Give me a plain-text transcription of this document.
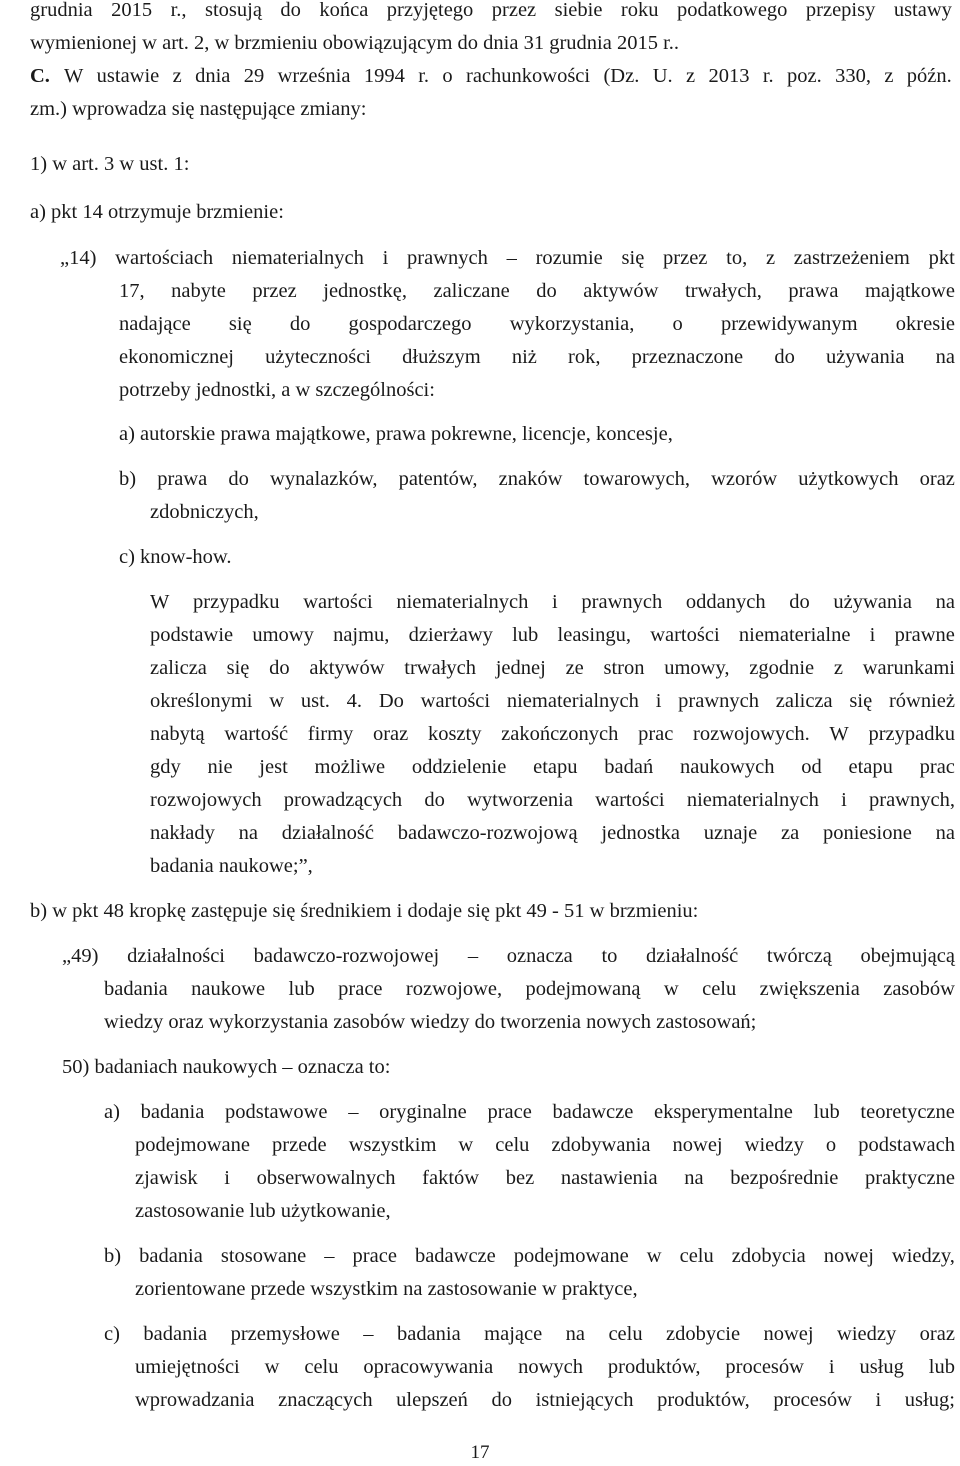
grudnia 2015 r., stosują do końca przyjętego przez siebie roku podatkowego przepisy ustawy
wymienionej w art. 2, w brzmieniu obowiązującym do dnia 31 grudnia 2015 r..
C. W ustawie z dnia 29 września 1994 r. o rachunkowości (Dz. U. z 2013 r. poz. 330, z późn.
zm.) wprowadza się następujące zmiany:
1) w art. 3 w ust. 1:
a) pkt 14 otrzymuje brzmienie:
„14) wartościach niematerialnych i prawnych – rozumie się przez to, z zastrzeżeniem pkt
17, nabyte przez jednostkę, zaliczane do aktywów trwałych, prawa majątkowe
nadające się do gospodarczego wykorzystania, o przewidywanym okresie
ekonomicznej użyteczności dłuższym niż rok, przeznaczone do używania na
potrzeby jednostki, a w szczególności:
a) autorskie prawa majątkowe, prawa pokrewne, licencje, koncesje,
b) prawa do wynalazków, patentów, znaków towarowych, wzorów użytkowych oraz
zdobniczych,
c) know-how.
W przypadku wartości niematerialnych i prawnych oddanych do używania na
podstawie umowy najmu, dzierżawy lub leasingu, wartości niematerialne i prawne
zalicza się do aktywów trwałych jednej ze stron umowy, zgodnie z warunkami
określonymi w ust. 4. Do wartości niematerialnych i prawnych zalicza się również
nabytą wartość firmy oraz koszty zakończonych prac rozwojowych. W przypadku
gdy nie jest możliwe oddzielenie etapu badań naukowych od etapu prac
rozwojowych prowadzących do wytworzenia wartości niematerialnych i prawnych,
nakłady na działalność badawczo-rozwojową jednostka uznaje za poniesione na
badania naukowe;”,
b) w pkt 48 kropkę zastępuje się średnikiem i dodaje się pkt 49 - 51 w brzmieniu:
„49) działalności badawczo-rozwojowej – oznacza to działalność twórczą obejmującą
badania naukowe lub prace rozwojowe, podejmowaną w celu zwiększenia zasobów
wiedzy oraz wykorzystania zasobów wiedzy do tworzenia nowych zastosowań;
50) badaniach naukowych – oznacza to:
a) badania podstawowe – oryginalne prace badawcze eksperymentalne lub teoretyczne
podejmowane przede wszystkim w celu zdobywania nowej wiedzy o podstawach
zjawisk i obserwowalnych faktów bez nastawienia na bezpośrednie praktyczne
zastosowanie lub użytkowanie,
b) badania stosowane – prace badawcze podejmowane w celu zdobycia nowej wiedzy,
zorientowane przede wszystkim na zastosowanie w praktyce,
c) badania przemysłowe – badania mające na celu zdobycie nowej wiedzy oraz
umiejętności w celu opracowywania nowych produktów, procesów i usług lub
wprowadzania znaczących ulepszeń do istniejących produktów, procesów i usług;
17
